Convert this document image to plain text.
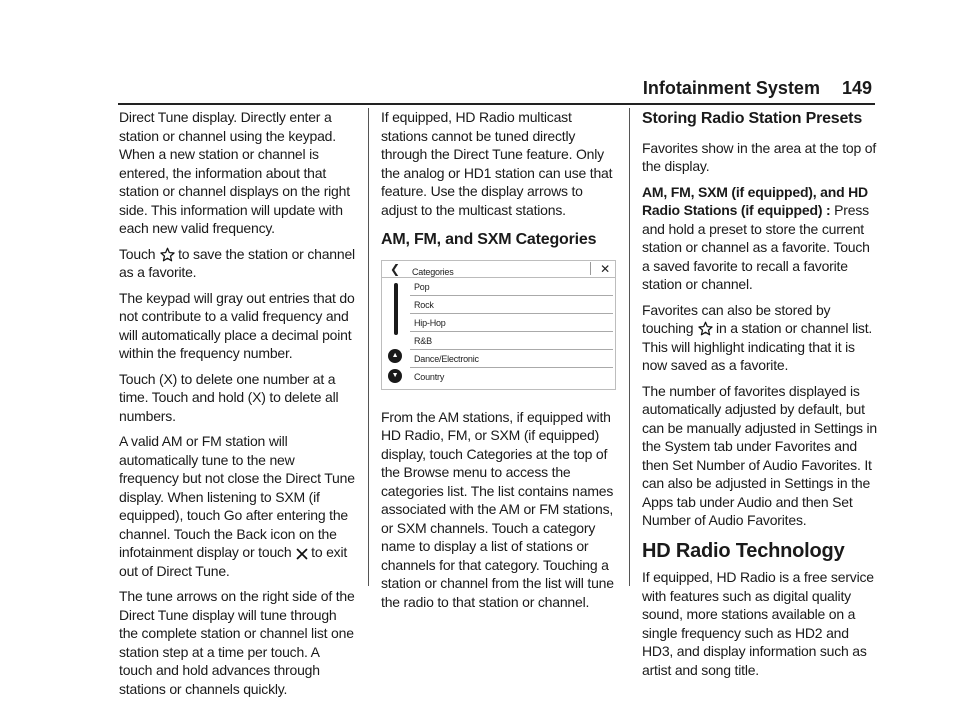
Infotainment System 149

Direct Tune display. Directly enter a station or channel using the keypad. When a new station or channel is entered, the information about that station or channel displays on the right side. This information will update with each new valid frequency.

Touch to save the station or channel as a favorite.

The keypad will gray out entries that do not contribute to a valid frequency and will automatically place a decimal point within the frequency number.

Touch (X) to delete one number at a time. Touch and hold (X) to delete all numbers.

A valid AM or FM station will automatically tune to the new frequency but not close the Direct Tune display. When listening to SXM (if equipped), touch Go after entering the channel. Touch the Back icon on the infotainment display or touch to exit out of Direct Tune.

The tune arrows on the right side of the Direct Tune display will tune through the complete station or channel list one station step at a time per touch. A touch and hold advances through stations or channels quickly.

If equipped, HD Radio multicast stations cannot be tuned directly through the Direct Tune feature. Only the analog or HD1 station can use that feature. Use the display arrows to adjust to the multicast stations.

AM, FM, and SXM Categories
❮ Categories	✕
▲
▼
Pop
Rock
Hip-Hop
R&B
Dance/Electronic
Country

From the AM stations, if equipped with HD Radio, FM, or SXM (if equipped) display, touch Categories at the top of the Browse menu to access the categories list. The list contains names associated with the AM or FM stations, or SXM channels. Touch a category name to display a list of stations or channels for that category. Touching a station or channel from the list will tune the radio to that station or channel.

Storing Radio Station Presets

Favorites show in the area at the top of the display.

AM, FM, SXM (if equipped), and HD Radio Stations (if equipped) : Press and hold a preset to store the current station or channel as a favorite. Touch a saved favorite to recall a favorite station or channel.

Favorites can also be stored by touching in a station or channel list. This will highlight indicating that it is now saved as a favorite.

The number of favorites displayed is automatically adjusted by default, but can be manually adjusted in Settings in the System tab under Favorites and then Set Number of Audio Favorites. It can also be adjusted in Settings in the Apps tab under Audio and then Set Number of Audio Favorites.

HD Radio Technology

If equipped, HD Radio is a free service with features such as digital quality sound, more stations available on a single frequency such as HD2 and HD3, and display information such as artist and song title.
